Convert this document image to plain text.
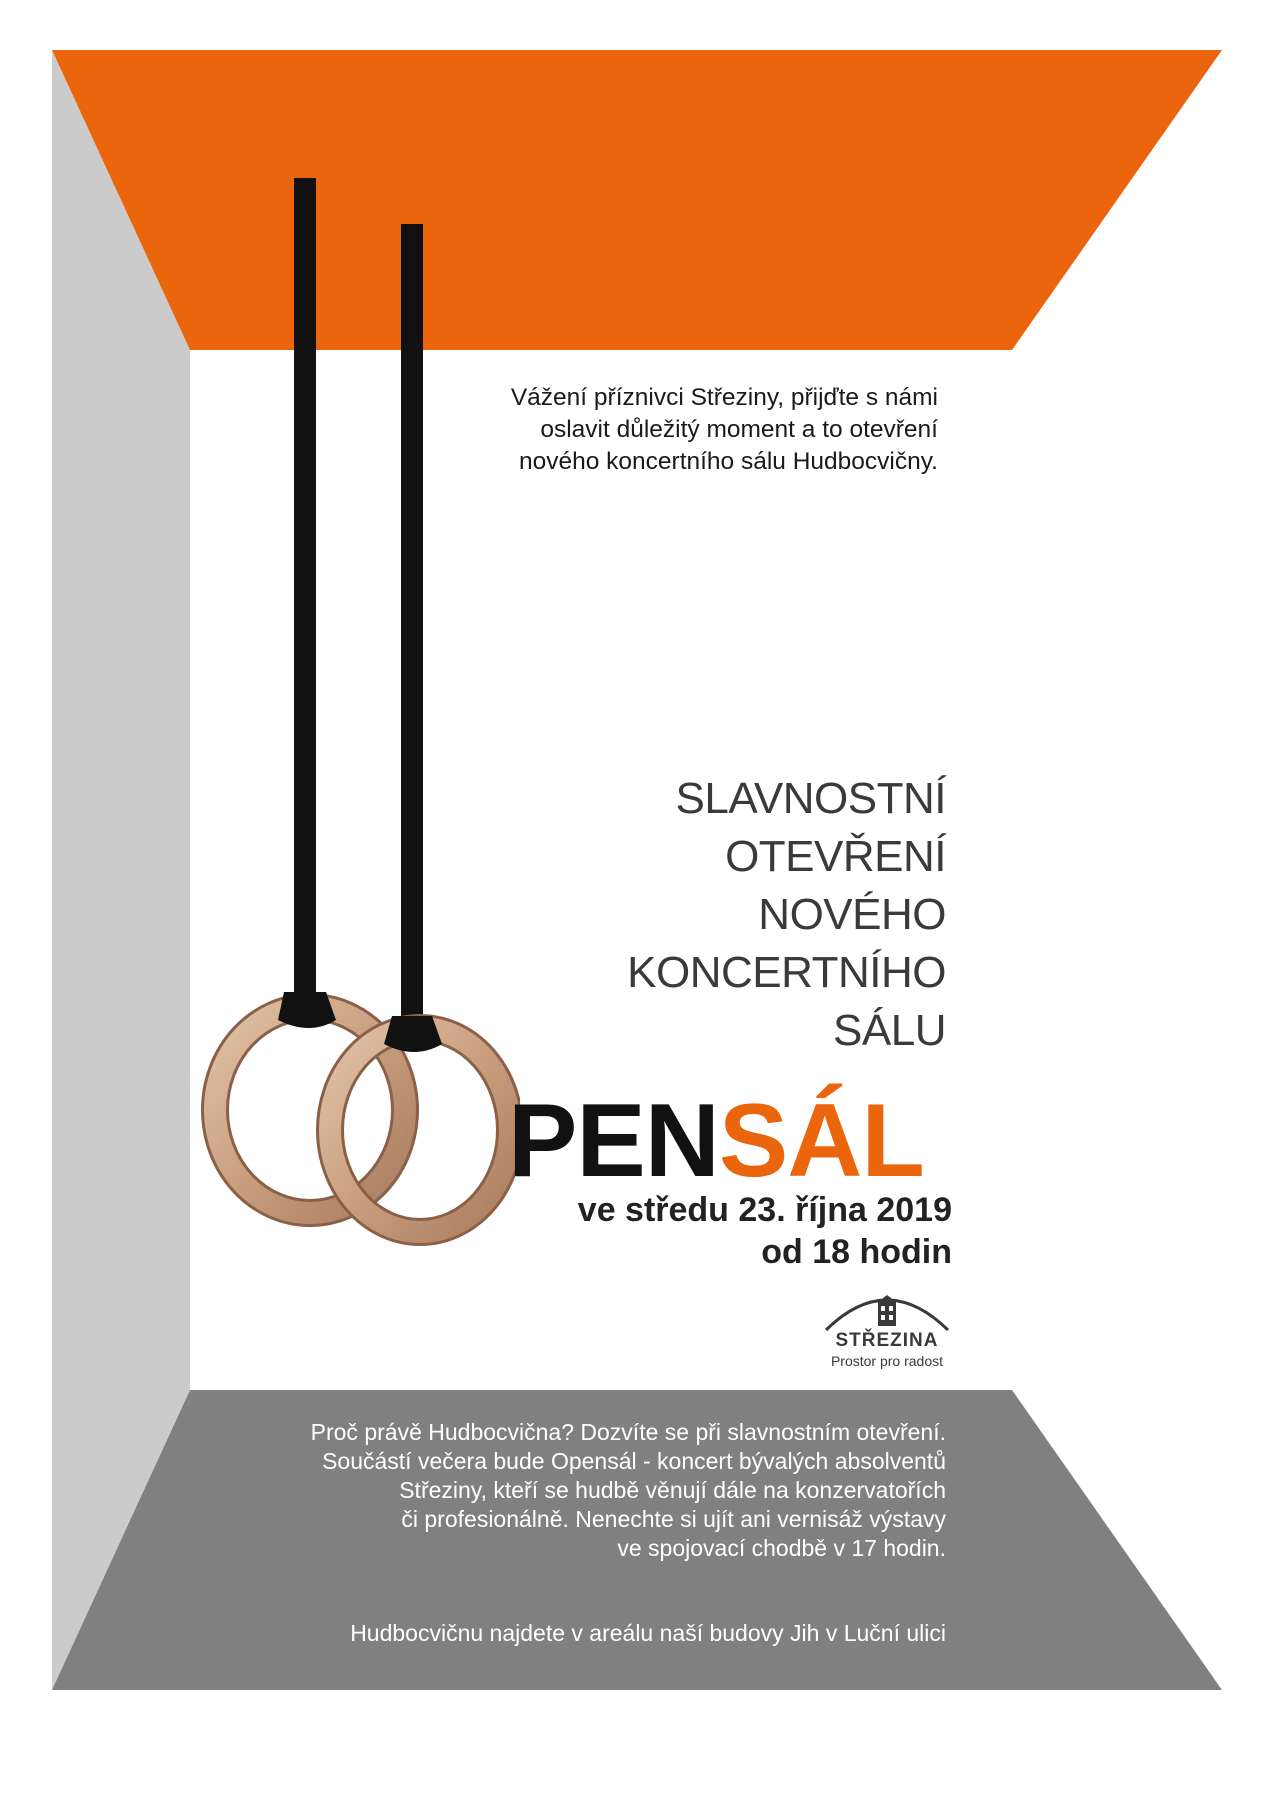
Vážení příznivci Střeziny, přijďte s námi
oslavit důležitý moment a to otevření
nového koncertního sálu Hudbocvičny.

SLAVNOSTNÍ
OTEVŘENÍ
NOVÉHO
KONCERTNÍHO
SÁLU
PENSÁL
ve středu 23. října 2019
od 18 hodin
STŘEZINA
Prostor pro radost

Proč právě Hudbocvična? Dozvíte se při slavnostním otevření.
Součástí večera bude Opensál - koncert bývalých absolventů
Střeziny, kteří se hudbě věnují dále na konzervatořích
či profesionálně. Nenechte si ujít ani vernisáž výstavy
ve spojovací chodbě v 17 hodin.

Hudbocvičnu najdete v areálu naší budovy Jih v Luční ulici
